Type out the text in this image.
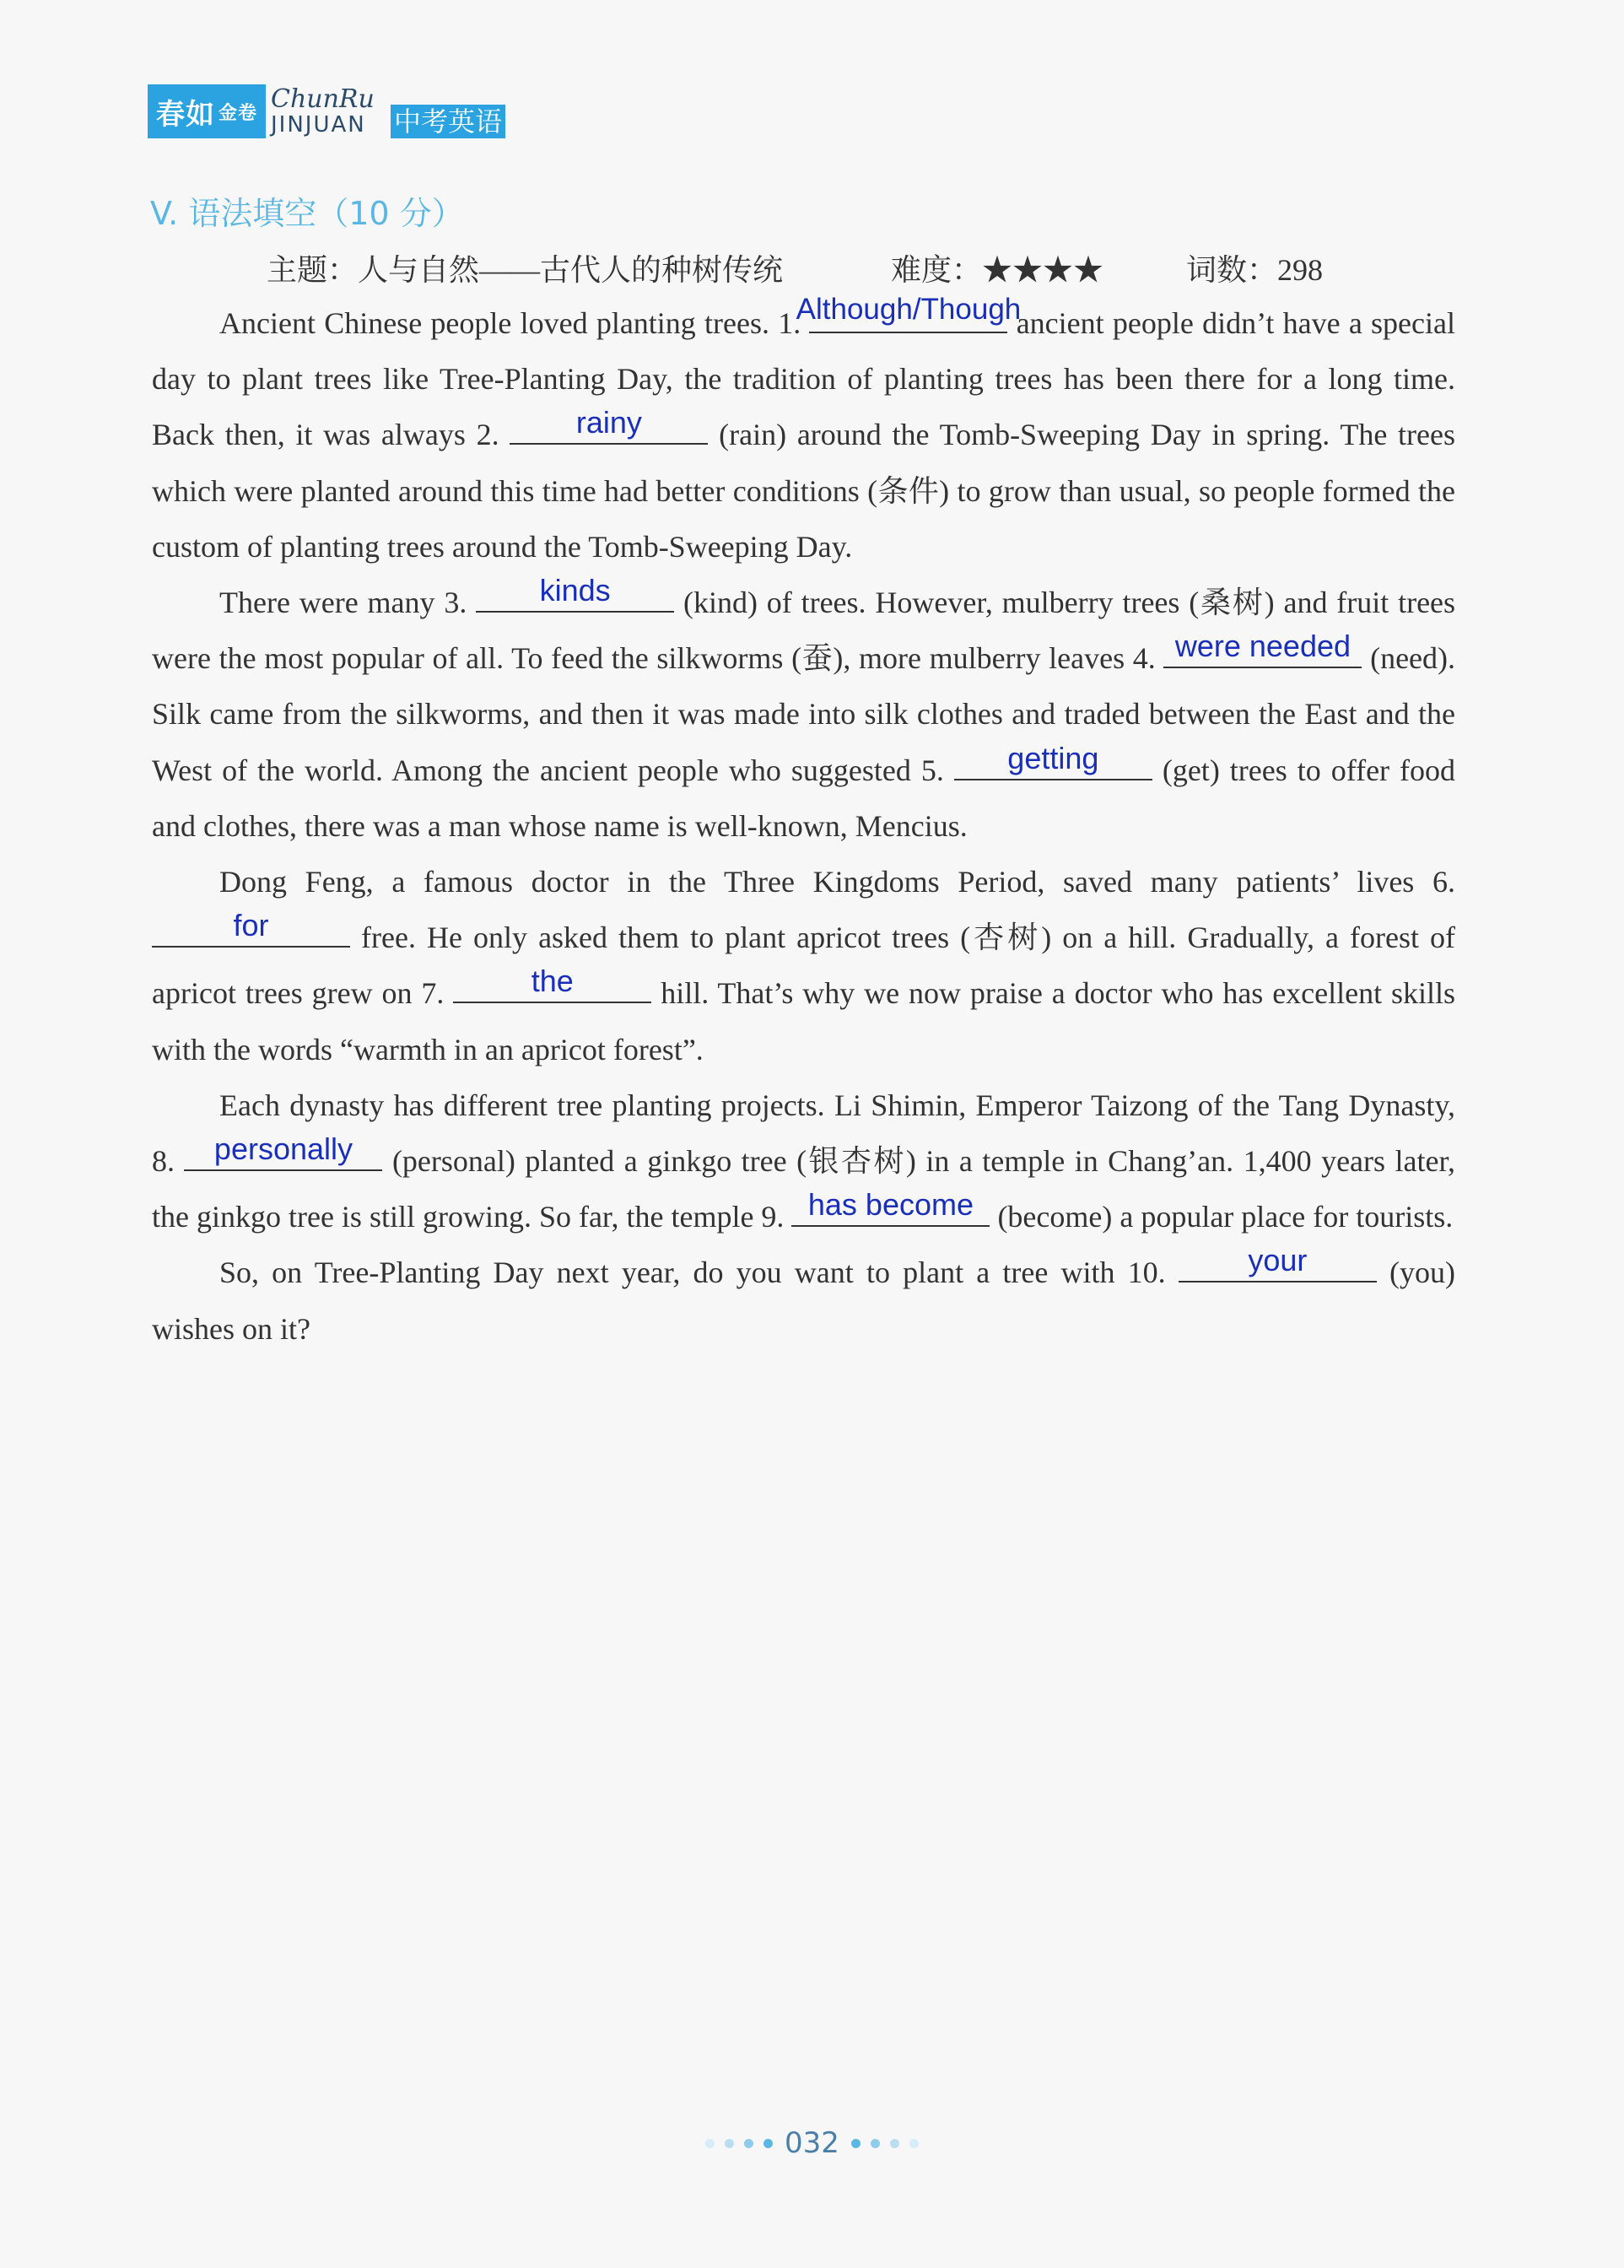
春如 金卷 ChunRu
JINJUAN	中考英语
V. 语法填空（10 分）
主题：人与自然——古代人的种树传统	难度：★★★★	词数：298

Ancient Chinese people loved planting trees. 1.
Although/Though
ancient people didn’t have a special day to plant trees like Tree-Planting Day, the tradition of planting trees has been there for a long time. Back then, it was always 2.	rainy	(rain) around the Tomb-Sweeping Day in spring. The trees which were planted around this time had better conditions (条件) to grow than usual, so people formed the custom of planting trees around the Tomb-Sweeping Day.

There were many 3.	kinds	(kind) of trees. However, mulberry trees (桑树) and fruit trees were the most popular of all. To feed the silkworms (蚕), more mulberry leaves 4. were needed (need). Silk came from the silkworms, and then it was made into silk clothes and traded between the East and the West of the world. Among the ancient people who suggested 5.	getting	(get) trees to offer food and clothes, there was a man whose name is well-known, Mencius.

Dong Feng, a famous doctor in the Three Kingdoms Period, saved many patients’ lives 6.
for	free. He only asked them to plant apricot trees (杏树) on a hill. Gradually, a forest of apricot trees grew on 7.	the	hill. That’s why we now praise a doctor who has excellent skills with the words “warmth in an apricot forest”.

Each dynasty has different tree planting projects. Li Shimin, Emperor Taizong of the Tang Dynasty, 8.	personally	(personal) planted a ginkgo tree (银杏树) in a temple in Chang’an. 1,400 years later, the ginkgo tree is still growing. So far, the temple 9. has become (become) a popular place for tourists.

So, on Tree-Planting Day next year, do you want to plant a tree with 10.	your	(you) wishes on it?

032
